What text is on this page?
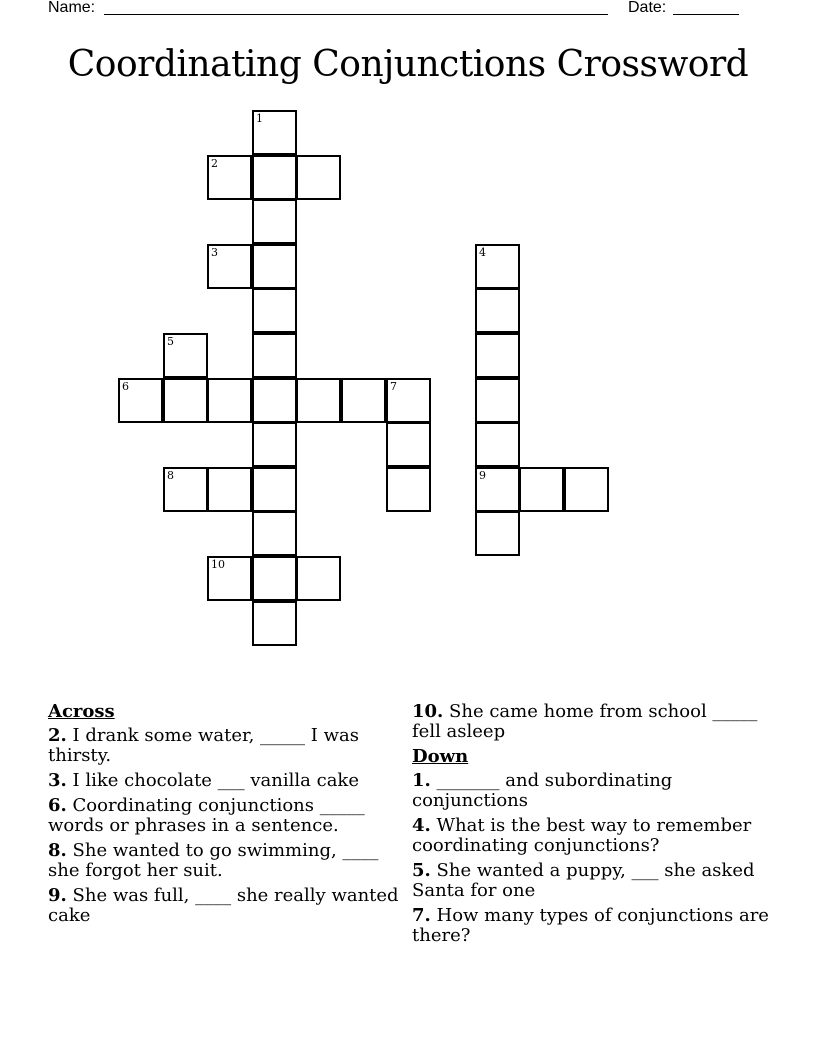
Name:	Date:
Coordinating Conjunctions Crossword
1
2
3
5
6	7
8
10
4
9
Across
2. I drank some water, _____ I was thirsty.
3. I like chocolate ___ vanilla cake
6. Coordinating conjunctions _____ words or phrases in a sentence.
8. She wanted to go swimming, ____ she forgot her suit.
9. She was full, ____ she really wanted cake
10. She came home from school _____ fell asleep
Down
1. _______ and subordinating conjunctions
4. What is the best way to remember coordinating conjunctions?
5. She wanted a puppy, ___ she asked Santa for one
7. How many types of conjunctions are there?
